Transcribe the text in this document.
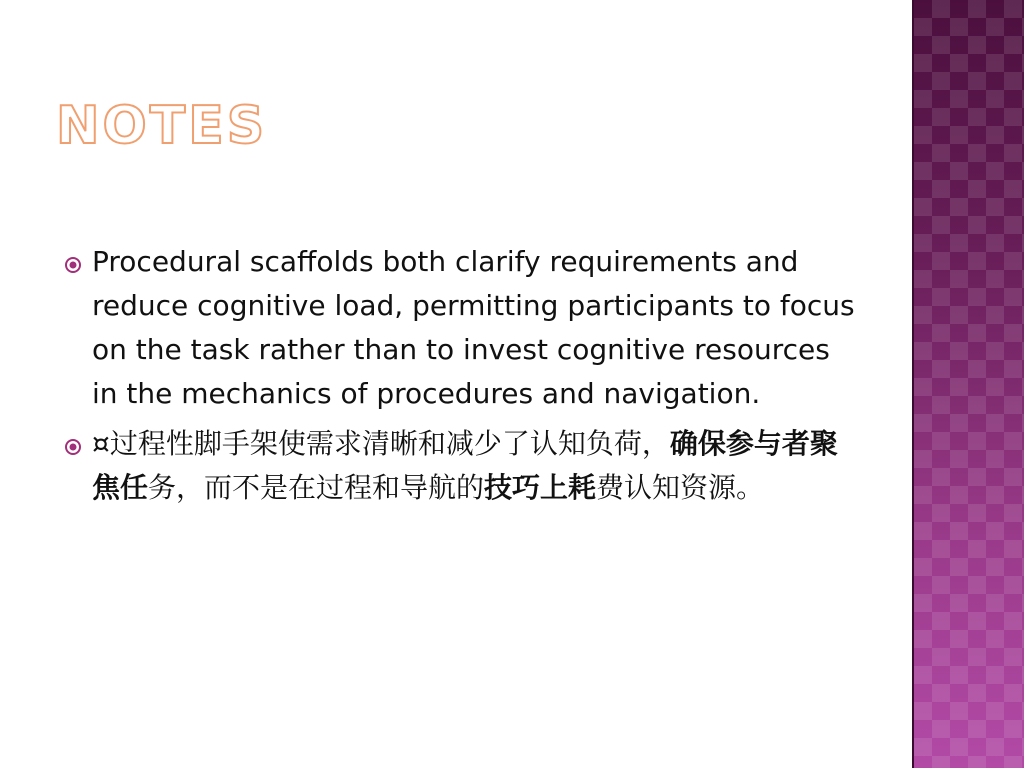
NOTES
Procedural scaffolds both clarify requirements and reduce cognitive load, permitting participants to focus on the task rather than to invest cognitive resources in the mechanics of procedures and navigation.
¤过程性脚手架使需求清晰和减少了认知负荷，确保参与者聚焦任务，而不是在过程和导航的技巧上耗费认知资源。
